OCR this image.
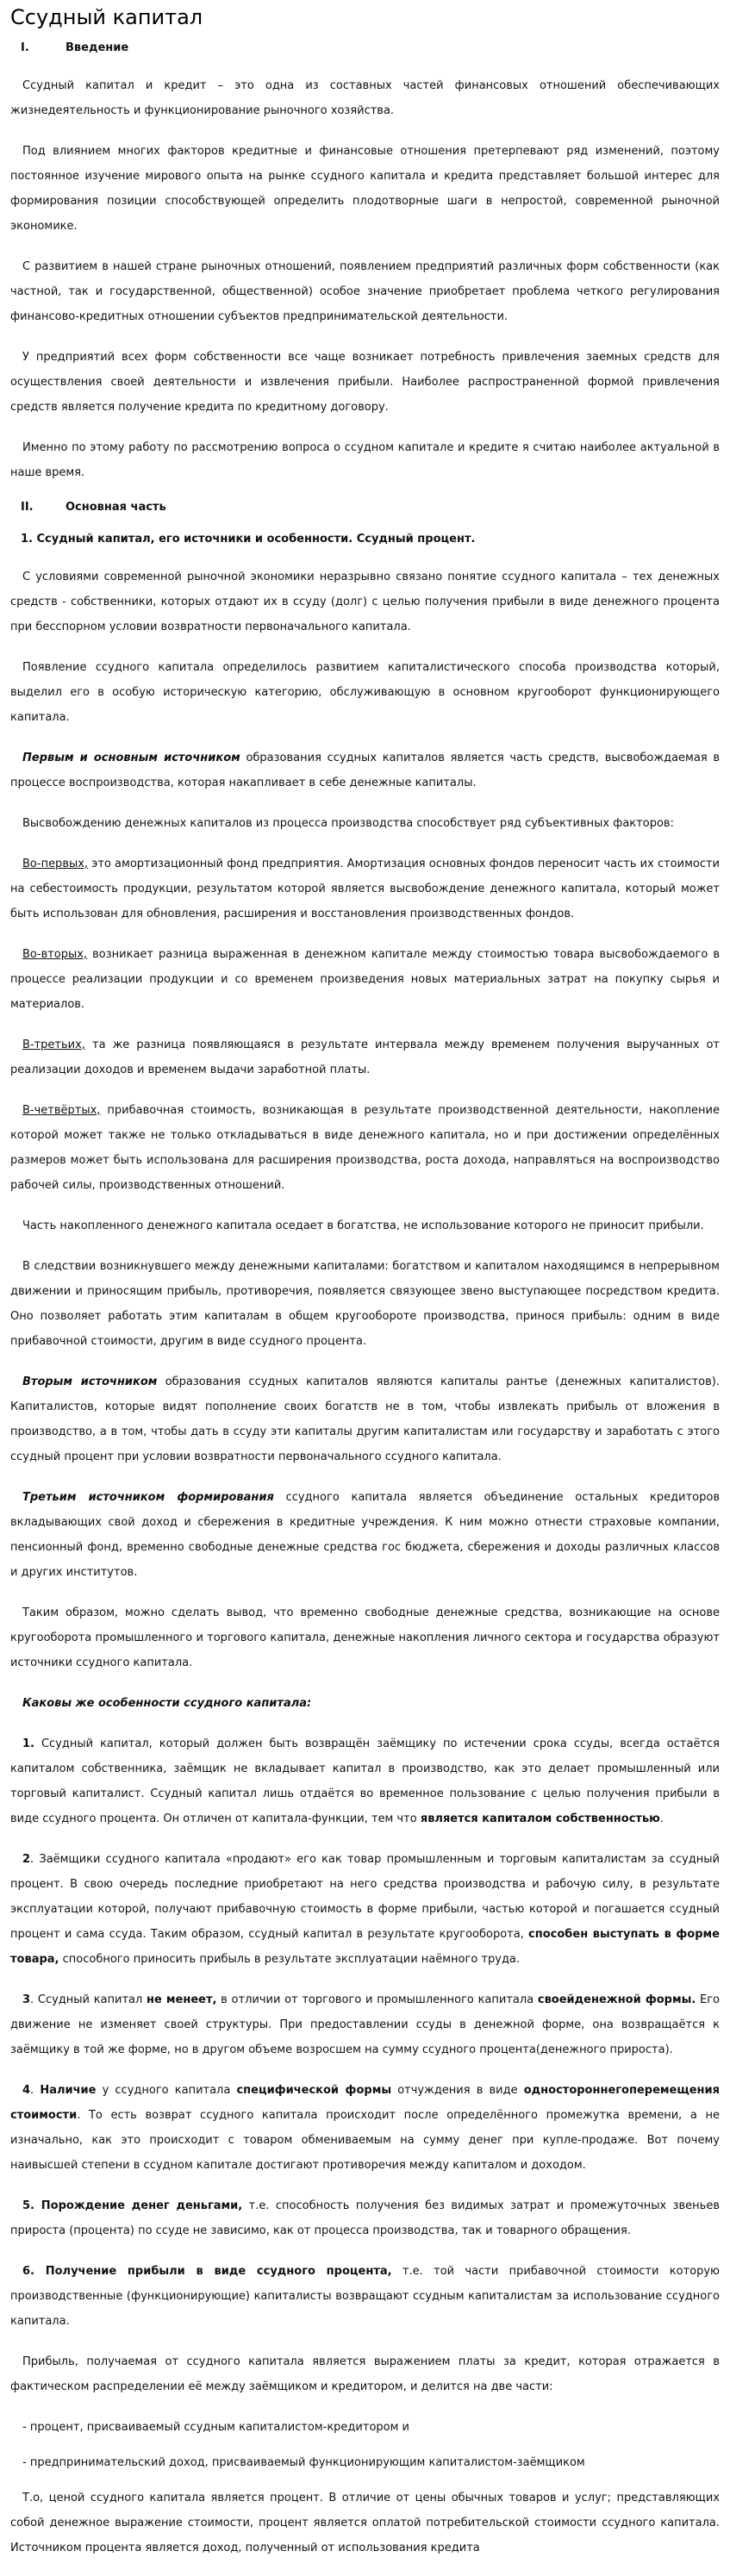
Ссудный капитал
I.	Введение

Ссудный капитал и кредит – это одна из составных частей финансовых отношений обеспечивающих жизнедеятельность и функционирование рыночного хозяйства.

Под влиянием многих факторов кредитные и финансовые отношения претерпевают ряд изменений, поэтому постоянное изучение мирового опыта на рынке ссудного капитала и кредита представляет большой интерес для формирования позиции способствующей определить плодотворные шаги в непростой, современной рыночной экономике.

С развитием в нашей стране рыночных отношений, появлением предприятий различных форм собственности (как частной, так и государственной, общественной) особое значение приобретает проблема четкого регулирования финансово-кредитных отношении субъектов предпринимательской деятельности.

У предприятий всех форм собственности все чаще возникает потребность привлечения заемных средств для осуществления своей деятельности и извлечения прибыли. Наиболее распространенной формой привлечения средств является получение кредита по кредитному договору.

Именно по этому работу по рассмотрению вопроса о ссудном капитале и кредите я считаю наиболее актуальной в наше время.

II.	Основная часть
1. Ссудный капитал, его источники и особенности. Ссудный процент.

С условиями современной рыночной экономики неразрывно связано понятие ссудного капитала – тех денежных средств - собственники, которых отдают их в ссуду (долг) с целью получения прибыли в виде денежного процента при бесспорном условии возвратности первоначального капитала.

Появление ссудного капитала определилось развитием капиталистического способа производства который, выделил его в особую историческую категорию, обслуживающую в основном кругооборот функционирующего капитала.

Первым и основным источником образования ссудных капиталов является часть средств, высвобождаемая в процессе воспроизводства, которая накапливает в себе денежные капиталы.

Высвобождению денежных капиталов из процесса производства способствует ряд субъективных факторов:

Во-первых, это амортизационный фонд предприятия. Амортизация основных фондов переносит часть их стоимости на себестоимость продукции, результатом которой является высвобождение денежного капитала, который может быть использован для обновления, расширения и восстановления производственных фондов.

Во-вторых, возникает разница выраженная в денежном капитале между стоимостью товара высвобождаемого в процессе реализации продукции и со временем произведения новых материальных затрат на покупку сырья и материалов.

В-третьих, та же разница появляющаяся в результате интервала между временем получения выручанных от реализации доходов и временем выдачи заработной платы.

В-четвёртых, прибавочная стоимость, возникающая в результате производственной деятельности, накопление которой может также не только откладываться в виде денежного капитала, но и при достижении определённых размеров может быть использована для расширения производства, роста дохода, направляться на воспроизводство рабочей силы, производственных отношений.

Часть накопленного денежного капитала оседает в богатства, не использование которого не приносит прибыли.

В следствии возникнувшего между денежными капиталами: богатством и капиталом находящимся в непрерывном движении и приносящим прибыль, противоречия, появляется связующее звено выступающее посредством кредита. Оно позволяет работать этим капиталам в общем кругообороте производства, принося прибыль: одним в виде прибавочной стоимости, другим в виде ссудного процента.

Вторым источником образования ссудных капиталов являются капиталы рантье (денежных капиталистов). Капиталистов, которые видят пополнение своих богатств не в том, чтобы извлекать прибыль от вложения в производство, а в том, чтобы дать в ссуду эти капиталы другим капиталистам или государству и заработать с этого ссудный процент при условии возвратности первоначального ссудного капитала.

Третьим источником формирования ссудного капитала является объединение остальных кредиторов вкладывающих свой доход и сбережения в кредитные учреждения. К ним можно отнести страховые компании, пенсионный фонд, временно свободные денежные средства гос бюджета, сбережения и доходы различных классов и других институтов.

Таким образом, можно сделать вывод, что временно свободные денежные средства, возникающие на основе кругооборота промышленного и торгового капитала, денежные накопления личного сектора и государства образуют источники ссудного капитала.

Каковы же особенности ссудного капитала:

1. Ссудный капитал, который должен быть возвращён заёмщику по истечении срока ссуды, всегда остаётся капиталом собственника, заёмщик не вкладывает капитал в производство, как это делает промышленный или торговый капиталист. Ссудный капитал лишь отдаётся во временное пользование с целью получения прибыли в виде ссудного процента. Он отличен от капитала-функции, тем что является капиталом собственностью.

2. Заёмщики ссудного капитала «продают» его как товар промышленным и торговым капиталистам за ссудный процент. В свою очередь последние приобретают на него средства производства и рабочую силу, в результате эксплуатации которой, получают прибавочную стоимость в форме прибыли, частью которой и погашается ссудный процент и сама ссуда. Таким образом, ссудный капитал в результате кругооборота, способен выступать в форме товара, способного приносить прибыль в результате эксплуатации наёмного труда.

3. Ссудный капитал не менеет, в отличии от торгового и промышленного капитала своейденежной формы. Его движение не изменяет своей структуры. При предоставлении ссуды в денежной форме, она возвращаётся к заёмщику в той же форме, но в другом объеме возросшем на сумму ссудного процента(денежного прироста).

4. Наличие у ссудного капитала специфической формы отчуждения в виде одностороннегоперемещения стоимости. То есть возврат ссудного капитала происходит после определённого промежутка времени, а не изначально, как это происходит с товаром обмениваемым на сумму денег при купле-продаже. Вот почему наивысшей степени в ссудном капитале достигают противоречия между капиталом и доходом.

5. Порождение денег деньгами, т.е. способность получения без видимых затрат и промежуточных звеньев прироста (процента) по ссуде не зависимо, как от процесса производства, так и товарного обращения.

6. Получение прибыли в виде ссудного процента, т.е. той части прибавочной стоимости которую производственные (функционирующие) капиталисты возвращают ссудным капиталистам за использование ссудного капитала.

Прибыль, получаемая от ссудного капитала является выражением платы за кредит, которая отражается в фактическом распределении её между заёмщиком и кредитором, и делится на две части:

- процент, присваиваемый ссудным капиталистом-кредитором и

- предпринимательский доход, присваиваемый функционирующим капиталистом-заёмщиком

Т.о, ценой ссудного капитала является процент. В отличие от цены обычных товаров и услуг; представляющих собой денежное выражение стоимости, процент является оплатой потребительской стоимости ссудного капитала. Источником процента является доход, полученный от использования кредита
